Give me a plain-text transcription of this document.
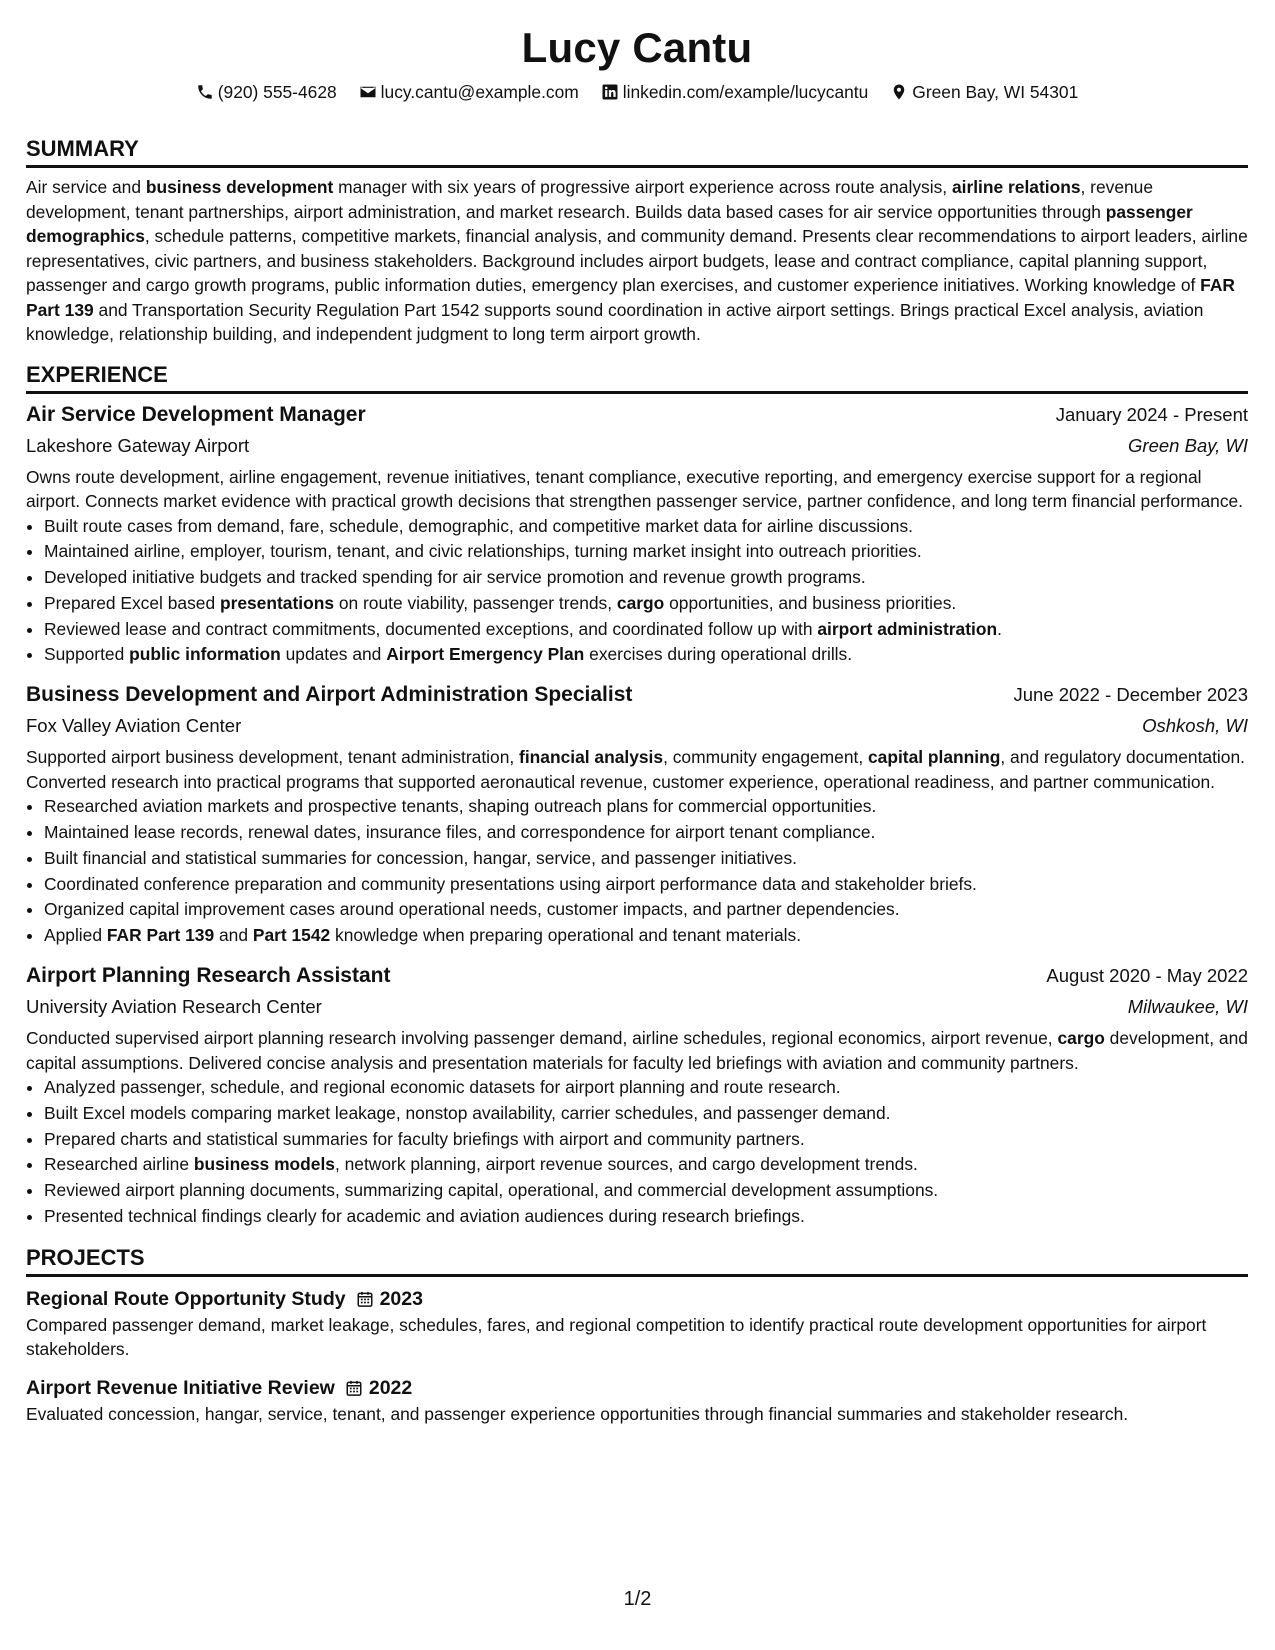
Lucy Cantu
(920) 555-4628	lucy.cantu@example.com	linkedin.com/example/lucycantu	Green Bay, WI 54301
SUMMARY

Air service and business development manager with six years of progressive airport experience across route analysis, airline relations, revenue development, tenant partnerships, airport administration, and market research. Builds data based cases for air service opportunities through passenger demographics, schedule patterns, competitive markets, financial analysis, and community demand. Presents clear recommendations to airport leaders, airline representatives, civic partners, and business stakeholders. Background includes airport budgets, lease and contract compliance, capital planning support, passenger and cargo growth programs, public information duties, emergency plan exercises, and customer experience initiatives. Working knowledge of FAR Part 139 and Transportation Security Regulation Part 1542 supports sound coordination in active airport settings. Brings practical Excel analysis, aviation knowledge, relationship building, and independent judgment to long term airport growth.

EXPERIENCE
Air Service Development Manager	January 2024 - Present
Lakeshore Gateway Airport	Green Bay, WI

Owns route development, airline engagement, revenue initiatives, tenant compliance, executive reporting, and emergency exercise support for a regional airport. Connects market evidence with practical growth decisions that strengthen passenger service, partner confidence, and long term financial performance.

• Built route cases from demand, fare, schedule, demographic, and competitive market data for airline discussions.
• Maintained airline, employer, tourism, tenant, and civic relationships, turning market insight into outreach priorities.
• Developed initiative budgets and tracked spending for air service promotion and revenue growth programs.
• Prepared Excel based presentations on route viability, passenger trends, cargo opportunities, and business priorities.
• Reviewed lease and contract commitments, documented exceptions, and coordinated follow up with airport administration.
• Supported public information updates and Airport Emergency Plan exercises during operational drills.
Business Development and Airport Administration Specialist	June 2022 - December 2023
Fox Valley Aviation Center	Oshkosh, WI

Supported airport business development, tenant administration, financial analysis, community engagement, capital planning, and regulatory documentation. Converted research into practical programs that supported aeronautical revenue, customer experience, operational readiness, and partner communication.

• Researched aviation markets and prospective tenants, shaping outreach plans for commercial opportunities.
• Maintained lease records, renewal dates, insurance files, and correspondence for airport tenant compliance.
• Built financial and statistical summaries for concession, hangar, service, and passenger initiatives.
• Coordinated conference preparation and community presentations using airport performance data and stakeholder briefs.
• Organized capital improvement cases around operational needs, customer impacts, and partner dependencies.
• Applied FAR Part 139 and Part 1542 knowledge when preparing operational and tenant materials.
Airport Planning Research Assistant	August 2020 - May 2022
University Aviation Research Center	Milwaukee, WI

Conducted supervised airport planning research involving passenger demand, airline schedules, regional economics, airport revenue, cargo development, and capital assumptions. Delivered concise analysis and presentation materials for faculty led briefings with aviation and community partners.

• Analyzed passenger, schedule, and regional economic datasets for airport planning and route research.
• Built Excel models comparing market leakage, nonstop availability, carrier schedules, and passenger demand.
• Prepared charts and statistical summaries for faculty briefings with airport and community partners.
• Researched airline business models, network planning, airport revenue sources, and cargo development trends.
• Reviewed airport planning documents, summarizing capital, operational, and commercial development assumptions.
• Presented technical findings clearly for academic and aviation audiences during research briefings.
PROJECTS
Regional Route Opportunity Study 2023

Compared passenger demand, market leakage, schedules, fares, and regional competition to identify practical route development opportunities for airport stakeholders.

Airport Revenue Initiative Review 2022

Evaluated concession, hangar, service, tenant, and passenger experience opportunities through financial summaries and stakeholder research.

1/2
